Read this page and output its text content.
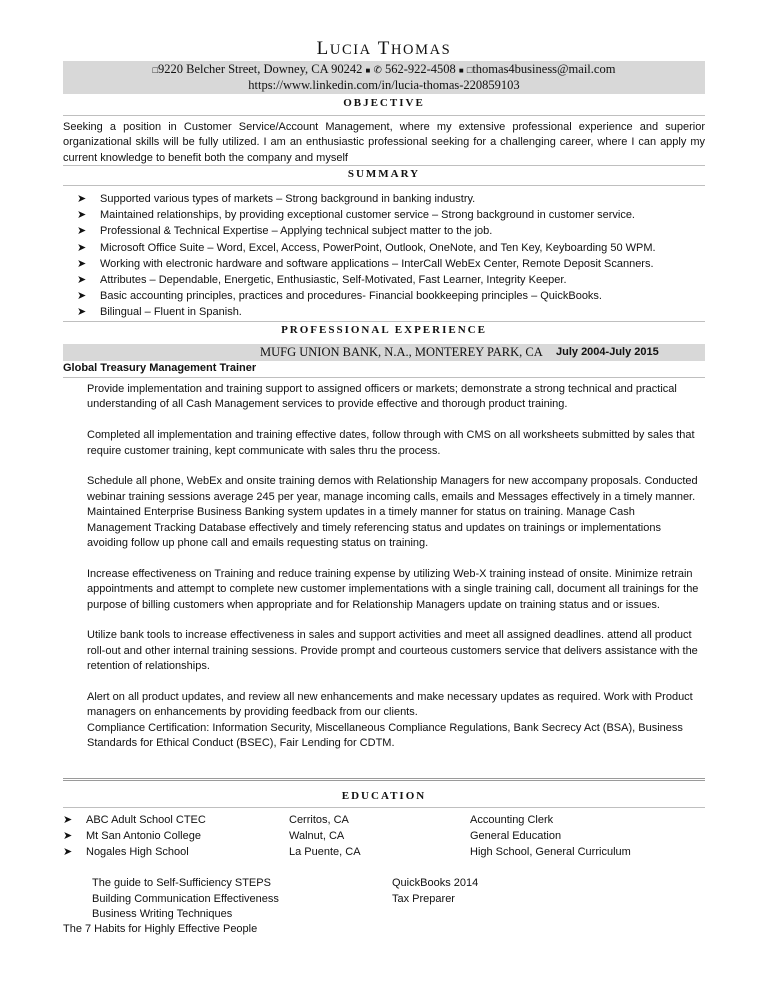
LUCIA THOMAS
□9220 Belcher Street, Downey, CA 90242 ■ ✆ 562-922-4508 ■ □thomas4business@mail.com
https://www.linkedin.com/in/lucia-thomas-220859103
OBJECTIVE
Seeking a position in Customer Service/Account Management, where my extensive professional experience and superior organizational skills will be fully utilized. I am an enthusiastic professional seeking for a challenging career, where I can apply my current knowledge to benefit both the company and myself
SUMMARY
➤ Supported various types of markets – Strong background in banking industry.
➤ Maintained relationships, by providing exceptional customer service – Strong background in customer service.
➤ Professional & Technical Expertise – Applying technical subject matter to the job.
➤ Microsoft Office Suite – Word, Excel, Access, PowerPoint, Outlook, OneNote, and Ten Key, Keyboarding 50 WPM.
➤ Working with electronic hardware and software applications – InterCall WebEx Center, Remote Deposit Scanners.
➤ Attributes – Dependable, Energetic, Enthusiastic, Self-Motivated, Fast Learner, Integrity Keeper.
➤ Basic accounting principles, practices and procedures- Financial bookkeeping principles – QuickBooks.
➤ Bilingual – Fluent in Spanish.
PROFESSIONAL EXPERIENCE
MUFG UNION BANK, N.A., MONTEREY PARK, CA July 2004-July 2015
Global Treasury Management Trainer

Provide implementation and training support to assigned officers or markets; demonstrate a strong technical and practical understanding of all Cash Management services to provide effective and thorough product training.

Completed all implementation and training effective dates, follow through with CMS on all worksheets submitted by sales that require customer training, kept communicate with sales thru the process.

Schedule all phone, WebEx and onsite training demos with Relationship Managers for new accompany proposals. Conducted webinar training sessions average 245 per year, manage incoming calls, emails and Messages effectively in a timely manner. Maintained Enterprise Business Banking system updates in a timely manner for status on training. Manage Cash Management Tracking Database effectively and timely referencing status and updates on trainings or implementations avoiding follow up phone call and emails requesting status on training.

Increase effectiveness on Training and reduce training expense by utilizing Web-X training instead of onsite. Minimize retrain appointments and attempt to complete new customer implementations with a single training call, document all trainings for the purpose of billing customers when appropriate and for Relationship Managers update on training status and or issues.

Utilize bank tools to increase effectiveness in sales and support activities and meet all assigned deadlines. attend all product roll-out and other internal training sessions. Provide prompt and courteous customers service that delivers assistance with the retention of relationships.

Alert on all product updates, and review all new enhancements and make necessary updates as required. Work with Product managers on enhancements by providing feedback from our clients.

Compliance Certification: Information Security, Miscellaneous Compliance Regulations, Bank Secrecy Act (BSA), Business Standards for Ethical Conduct (BSEC), Fair Lending for CDTM.

EDUCATION
➤ ABC Adult School CTEC	Cerritos, CA	Accounting Clerk
➤ Mt San Antonio College	Walnut, CA	General Education
➤ Nogales High School	La Puente, CA	High School, General Curriculum
The guide to Self-Sufficiency STEPS
Building Communication Effectiveness
Business Writing Techniques
QuickBooks 2014
Tax Preparer
The 7 Habits for Highly Effective People
